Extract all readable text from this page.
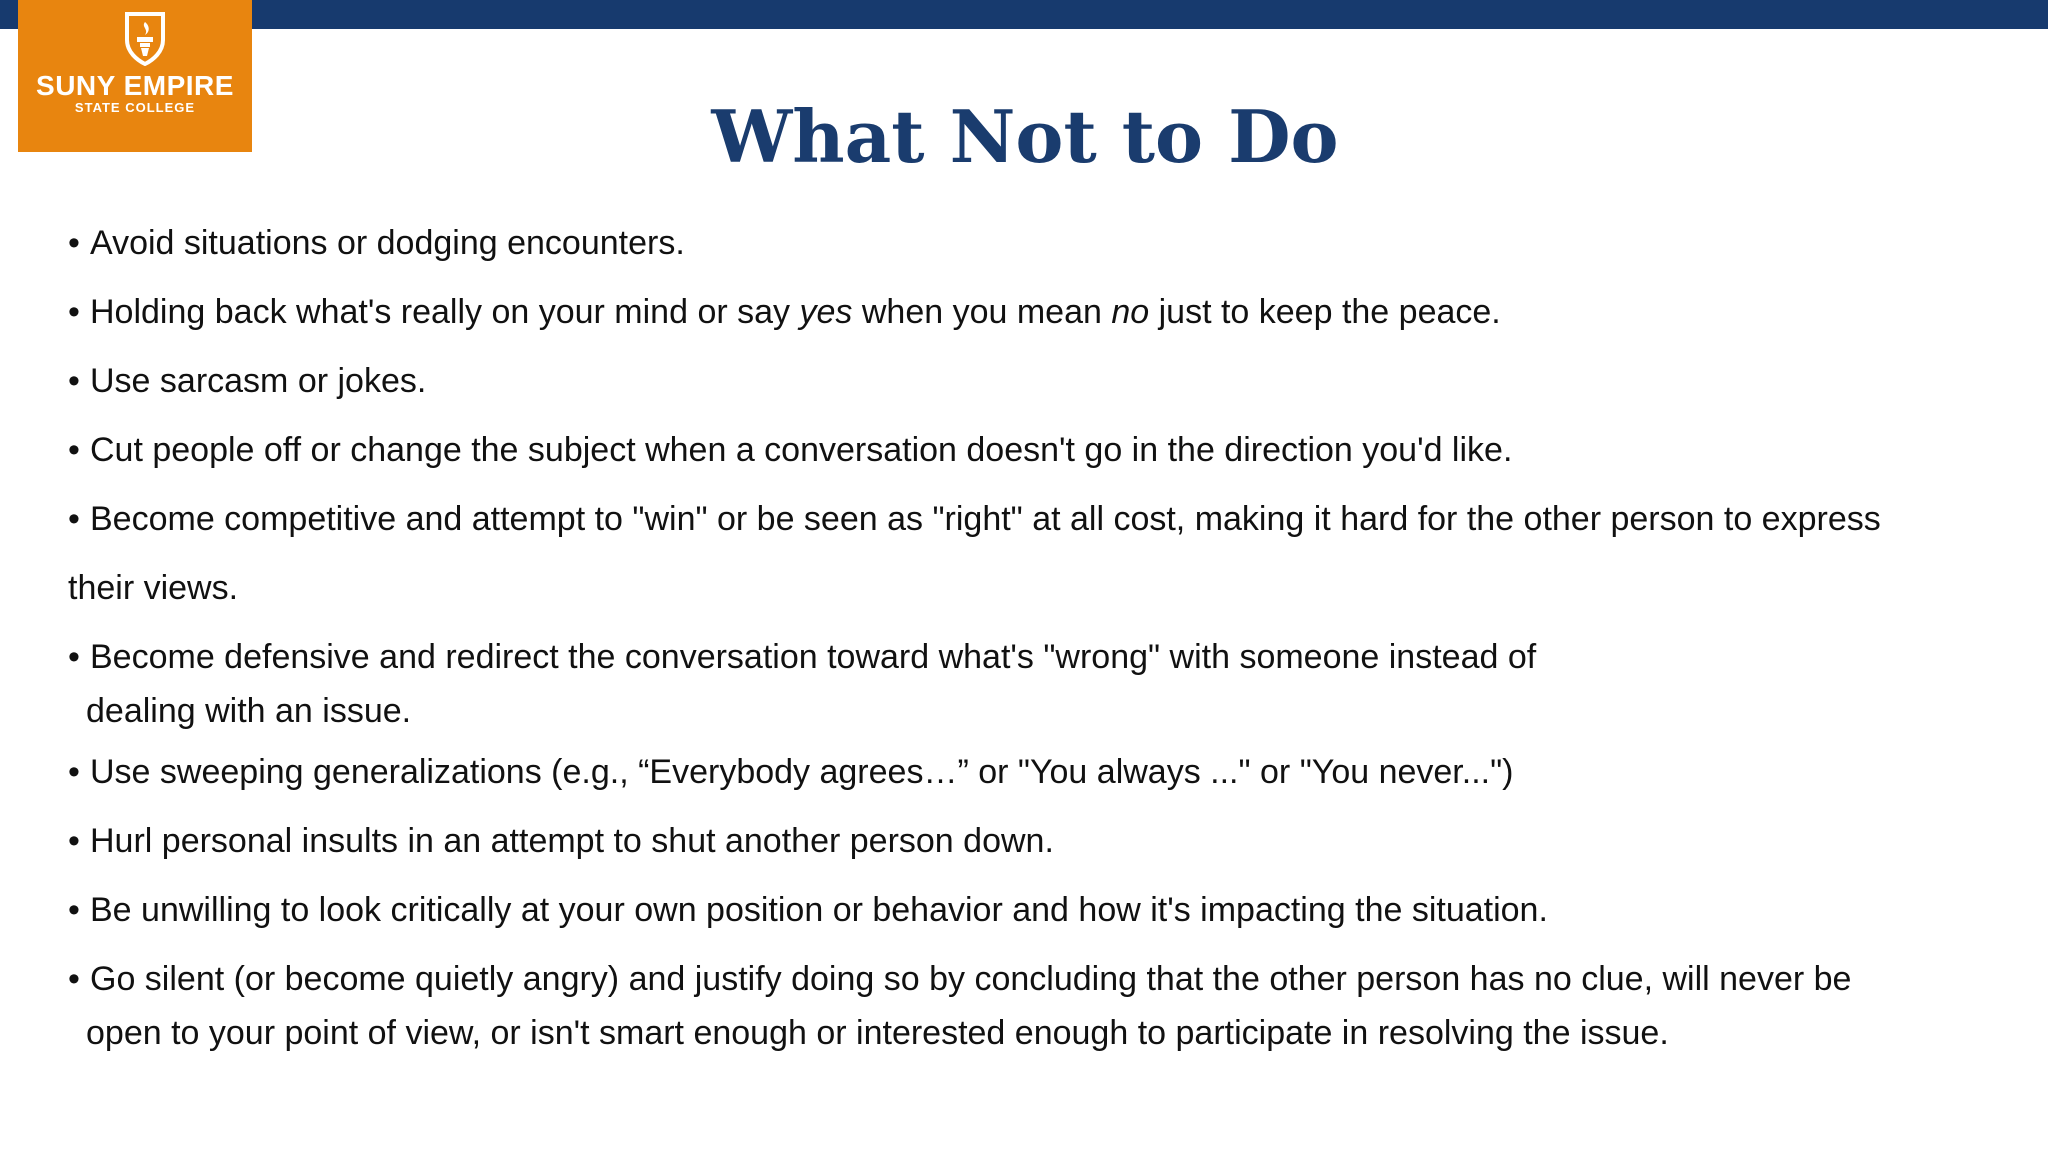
SUNY EMPIRE
STATE COLLEGE	What Not to Do
• Avoid situations or dodging encounters.
• Holding back what's really on your mind or say yes when you mean no just to keep the peace.
• Use sarcasm or jokes.
• Cut people off or change the subject when a conversation doesn't go in the direction you'd like.
• Become competitive and attempt to "win" or be seen as "right" at all cost, making it hard for the other person to express
their views.
• Become defensive and redirect the conversation toward what's "wrong" with someone instead of
dealing with an issue.
• Use sweeping generalizations (e.g., “Everybody agrees…” or "You always ..." or "You never...")
• Hurl personal insults in an attempt to shut another person down.
• Be unwilling to look critically at your own position or behavior and how it's impacting the situation.
• Go silent (or become quietly angry) and justify doing so by concluding that the other person has no clue, will never be
open to your point of view, or isn't smart enough or interested enough to participate in resolving the issue.
